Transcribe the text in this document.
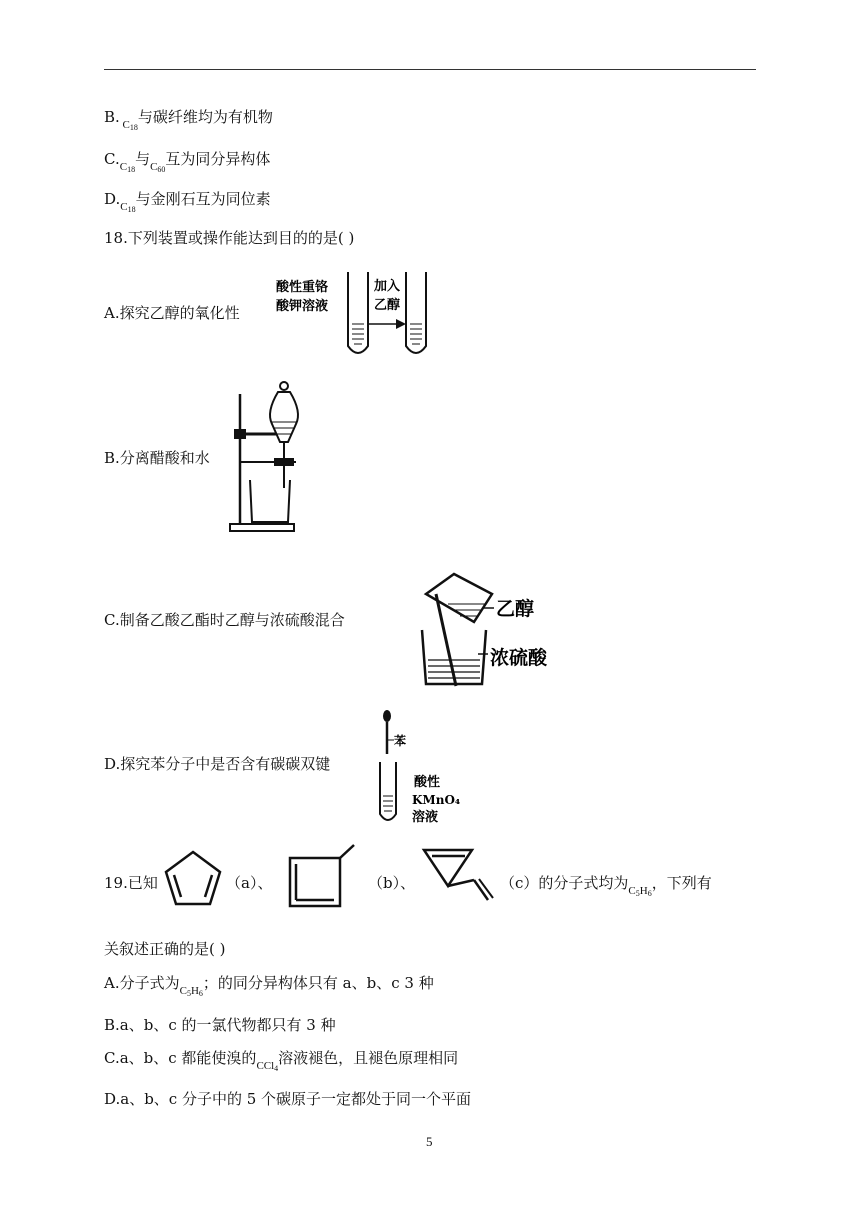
B. $_{C18}$与碳纤维均为有机物
$C._{C18}$与$_{C60}$互为同分异构体
$D._{C18}$与金刚石互为同位素
18.下列装置或操作能达到目的的是( )
A.探究乙醇的氧化性
酸性重铬
酸钾溶液
加入
乙醇
B.分离醋酸和水
C.制备乙酸乙酯时乙醇与浓硫酸混合	乙醇
浓硫酸
D.探究苯分子中是否含有碳碳双键
苯
酸性
KMnO₄
溶液
19.已知	（a）、	（b）、	（c）的分子式均为$_{C5H6}$，下列有
关叙述正确的是( )
A.分子式为$_{C5H6}$；的同分异构体只有 a、b、c 3 种
B.a、b、c 的一氯代物都只有 3 种
C.a、b、c 都能使溴的$_{CCl4}$溶液褪色，且褪色原理相同
D.a、b、c 分子中的 5 个碳原子一定都处于同一个平面
5
